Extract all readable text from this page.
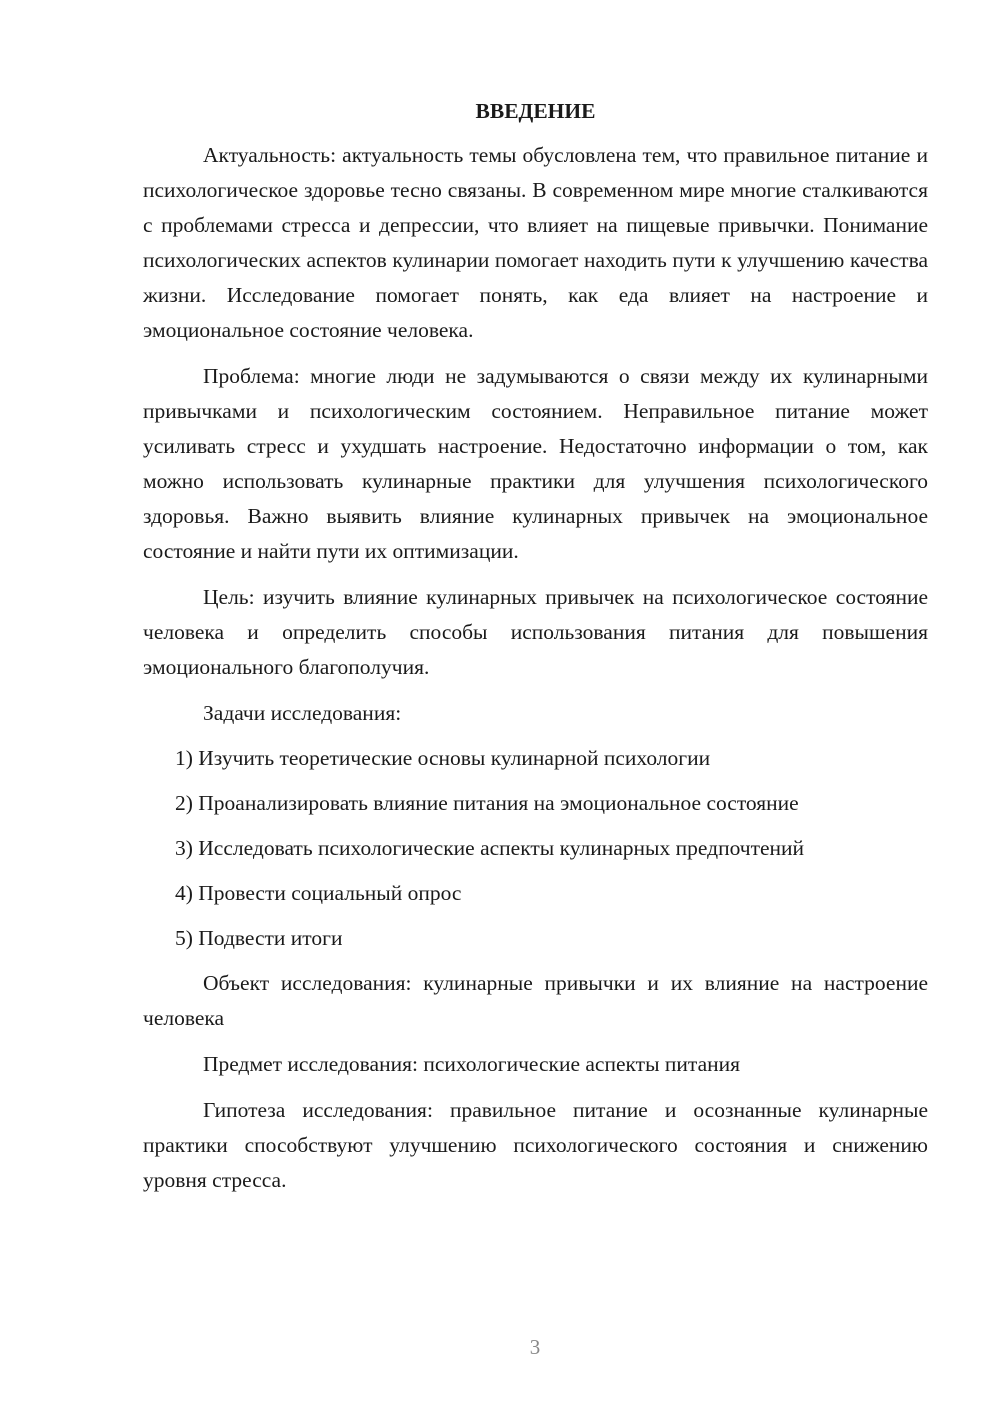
ВВЕДЕНИЕ

Актуальность: актуальность темы обусловлена тем, что правильное питание и психологическое здоровье тесно связаны. В современном мире многие сталкиваются с проблемами стресса и депрессии, что влияет на пищевые привычки. Понимание психологических аспектов кулинарии помогает находить пути к улучшению качества жизни. Исследование помогает понять, как еда влияет на настроение и эмоциональное состояние человека.

Проблема: многие люди не задумываются о связи между их кулинарными привычками и психологическим состоянием. Неправильное питание может усиливать стресс и ухудшать настроение. Недостаточно информации о том, как можно использовать кулинарные практики для улучшения психологического здоровья. Важно выявить влияние кулинарных привычек на эмоциональное состояние и найти пути их оптимизации.

Цель: изучить влияние кулинарных привычек на психологическое состояние человека и определить способы использования питания для повышения эмоционального благополучия.

Задачи исследования:

1) Изучить теоретические основы кулинарной психологии
2) Проанализировать влияние питания на эмоциональное состояние
3) Исследовать психологические аспекты кулинарных предпочтений
4) Провести социальный опрос
5) Подвести итоги

Объект исследования: кулинарные привычки и их влияние на настроение человека

Предмет исследования: психологические аспекты питания

Гипотеза исследования: правильное питание и осознанные кулинарные практики способствуют улучшению психологического состояния и снижению уровня стресса.

3
